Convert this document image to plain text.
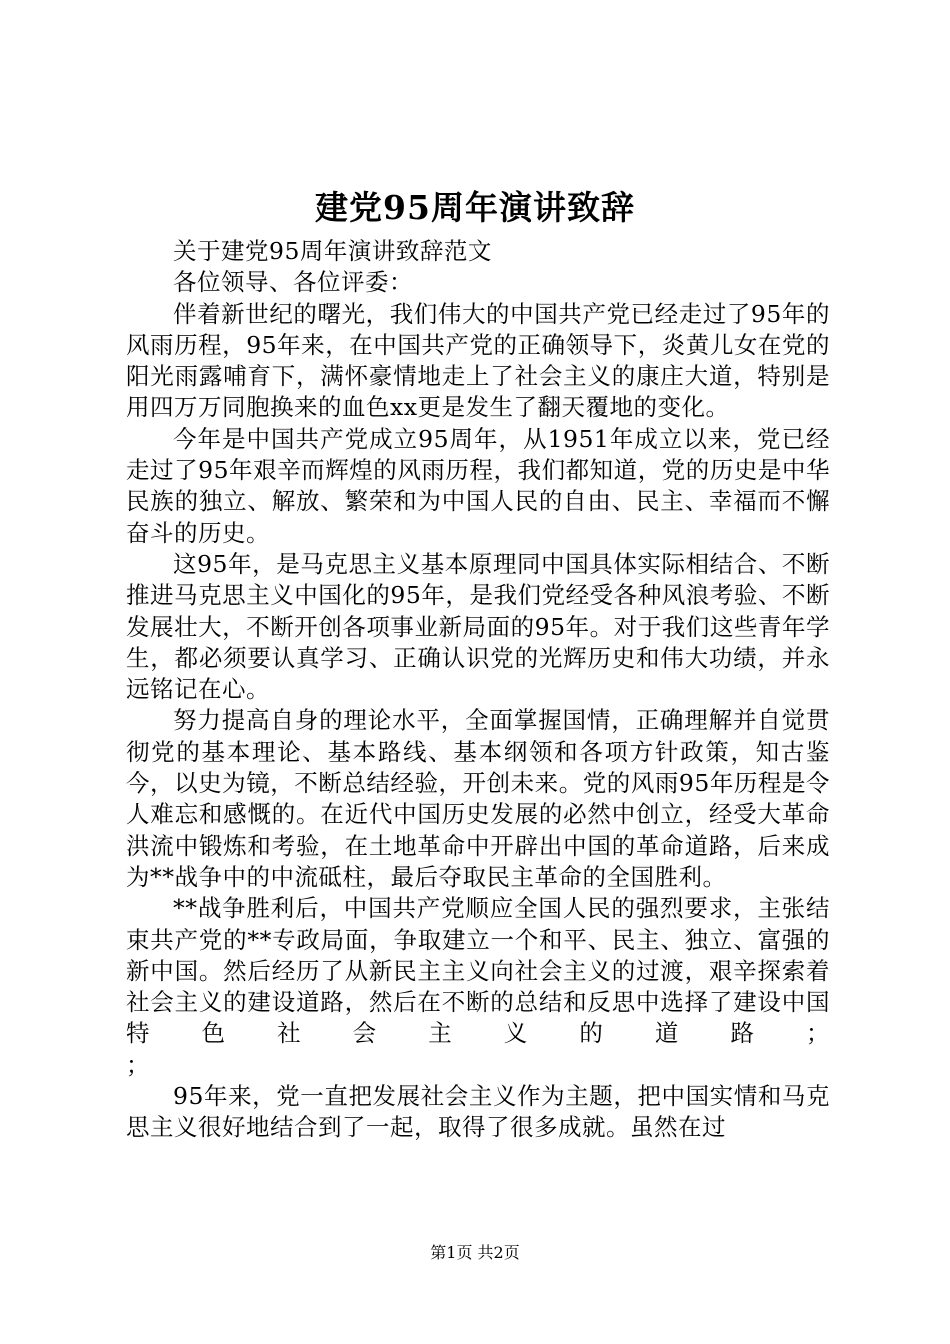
建党95周年演讲致辞

关于建党95周年演讲致辞范文

各位领导、各位评委：

伴着新世纪的曙光，我们伟大的中国共产党已经走过了95年的风雨历程，95年来，在中国共产党的正确领导下，炎黄儿女在党的阳光雨露哺育下，满怀豪情地走上了社会主义的康庄大道，特别是用四万万同胞换来的血色xx更是发生了翻天覆地的变化。

今年是中国共产党成立95周年，从1951年成立以来，党已经走过了95年艰辛而辉煌的风雨历程，我们都知道，党的历史是中华民族的独立、解放、繁荣和为中国人民的自由、民主、幸福而不懈奋斗的历史。

这95年，是马克思主义基本原理同中国具体实际相结合、不断推进马克思主义中国化的95年，是我们党经受各种风浪考验、不断发展壮大，不断开创各项事业新局面的95年。对于我们这些青年学生，都必须要认真学习、正确认识党的光辉历史和伟大功绩，并永远铭记在心。

努力提高自身的理论水平，全面掌握国情，正确理解并自觉贯彻党的基本理论、基本路线、基本纲领和各项方针政策，知古鉴今，以史为镜，不断总结经验，开创未来。党的风雨95年历程是令人难忘和感慨的。在近代中国历史发展的必然中创立，经受大革命洪流中锻炼和考验，在土地革命中开辟出中国的革命道路，后来成为**战争中的中流砥柱，最后夺取民主革命的全国胜利。

**战争胜利后，中国共产党顺应全国人民的强烈要求，主张结束共产党的**专政局面，争取建立一个和平、民主、独立、富强的新中国。然后经历了从新民主主义向社会主义的过渡，艰辛探索着社会主义的建设道路，然后在不断的总结和反思中选择了建设中国特色社会主义的道路；

；

95年来，党一直把发展社会主义作为主题，把中国实情和马克思主义很好地结合到了一起，取得了很多成就。虽然在过

第1页 共2页
